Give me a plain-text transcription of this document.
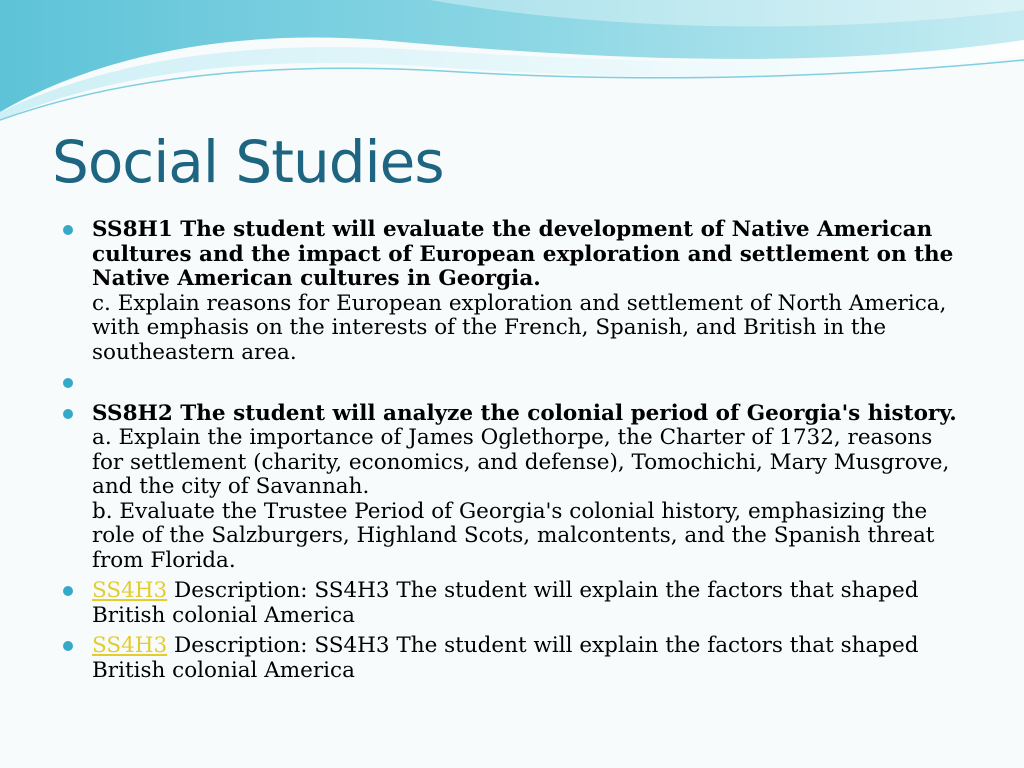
Social Studies
SS8H1 The student will evaluate the development of Native American cultures and the impact of European exploration and settlement on the Native American cultures in Georgia.
c. Explain reasons for European exploration and settlement of North America, with emphasis on the interests of the French, Spanish, and British in the southeastern area.
SS8H2 The student will analyze the colonial period of Georgia's history.
a. Explain the importance of James Oglethorpe, the Charter of 1732, reasons for settlement (charity, economics, and defense), Tomochichi, Mary Musgrove, and the city of Savannah.
b. Evaluate the Trustee Period of Georgia's colonial history, emphasizing the role of the Salzburgers, Highland Scots, malcontents, and the Spanish threat from Florida.
SS4H3 Description: SS4H3 The student will explain the factors that shaped British colonial America
SS4H3 Description: SS4H3 The student will explain the factors that shaped British colonial America
